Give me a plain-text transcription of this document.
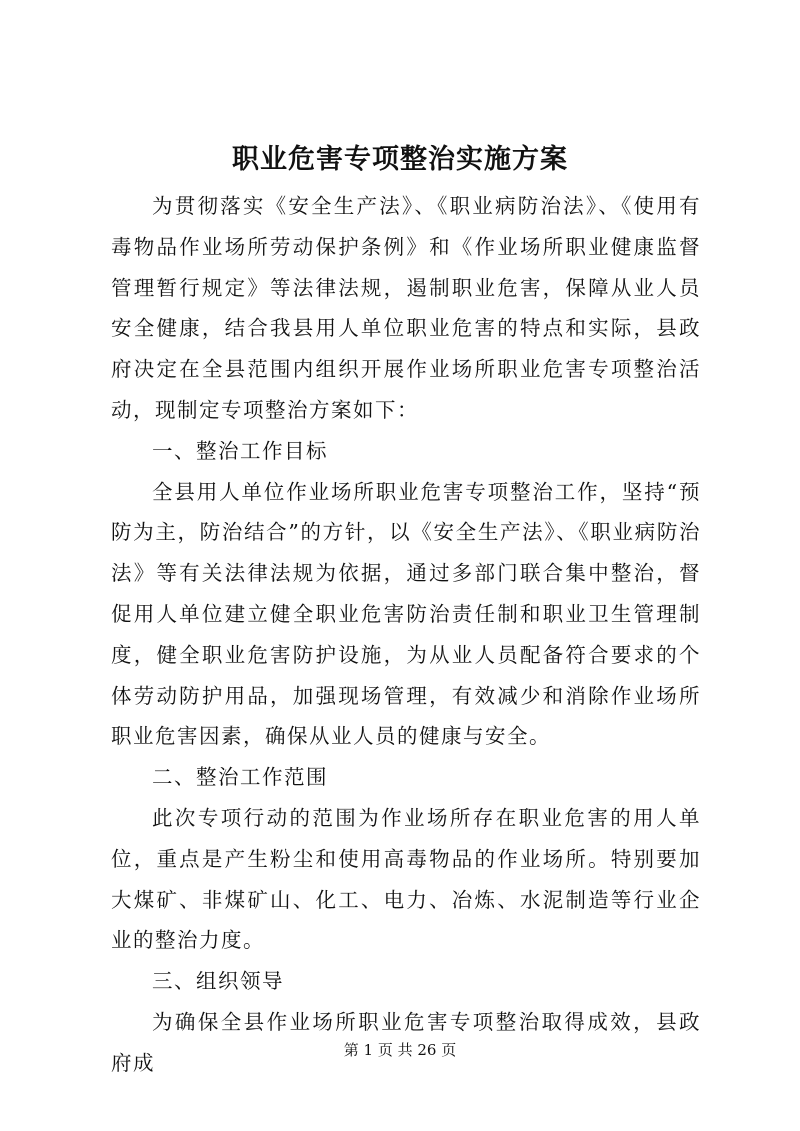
职业危害专项整治实施方案

为贯彻落实《安全生产法》、《职业病防治法》、《使用有毒物品作业场所劳动保护条例》和《作业场所职业健康监督管理暂行规定》等法律法规，遏制职业危害，保障从业人员安全健康，结合我县用人单位职业危害的特点和实际，县政府决定在全县范围内组织开展作业场所职业危害专项整治活动，现制定专项整治方案如下：

一、整治工作目标

全县用人单位作业场所职业危害专项整治工作，坚持“预防为主，防治结合”的方针，以《安全生产法》、《职业病防治法》等有关法律法规为依据，通过多部门联合集中整治，督促用人单位建立健全职业危害防治责任制和职业卫生管理制度，健全职业危害防护设施，为从业人员配备符合要求的个体劳动防护用品，加强现场管理，有效减少和消除作业场所职业危害因素，确保从业人员的健康与安全。

二、整治工作范围

此次专项行动的范围为作业场所存在职业危害的用人单位，重点是产生粉尘和使用高毒物品的作业场所。特别要加大煤矿、非煤矿山、化工、电力、冶炼、水泥制造等行业企业的整治力度。

三、组织领导

为确保全县作业场所职业危害专项整治取得成效，县政府成

第 1 页 共 26 页
